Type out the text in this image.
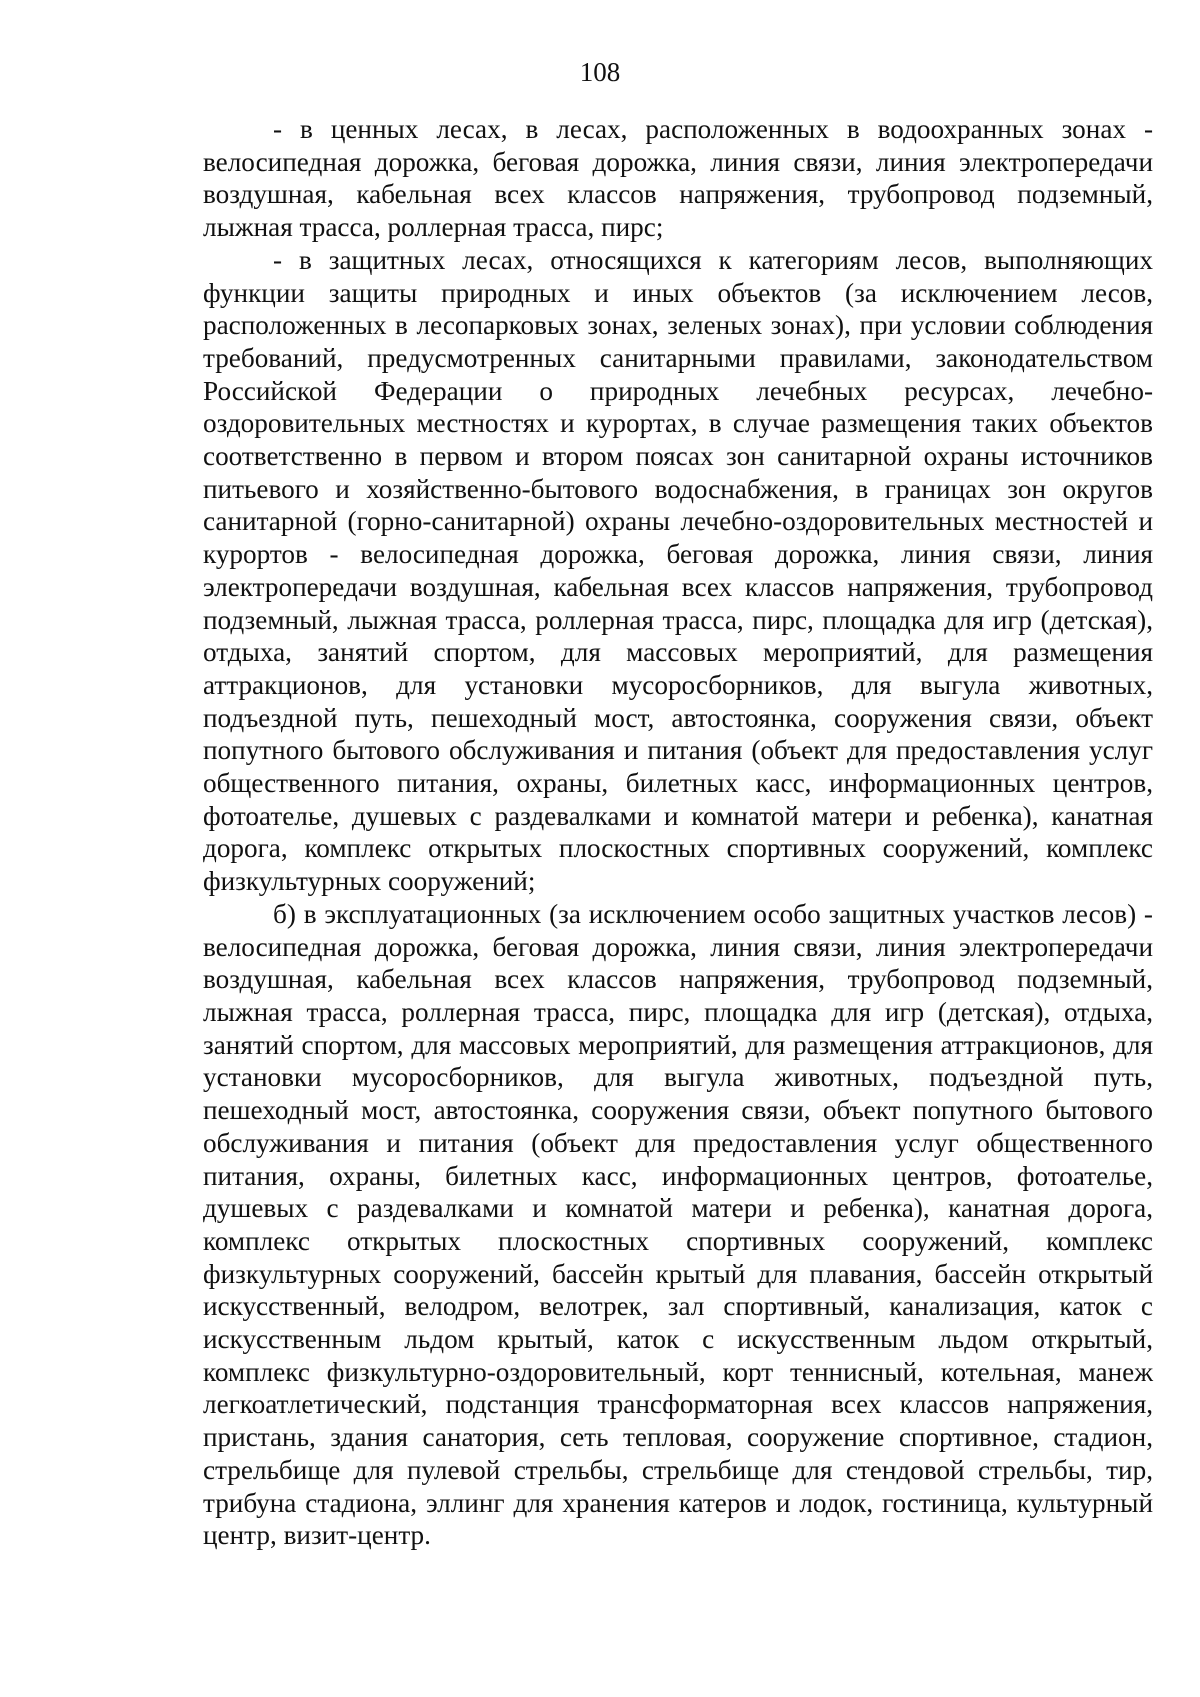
108

- в ценных лесах, в лесах, расположенных в водоохранных зонах - велосипедная дорожка, беговая дорожка, линия связи, линия электропередачи воздушная, кабельная всех классов напряжения, трубопровод подземный, лыжная трасса, роллерная трасса, пирс;

- в защитных лесах, относящихся к категориям лесов, выполняющих функции защиты природных и иных объектов (за исключением лесов, расположенных в лесопарковых зонах, зеленых зонах), при условии соблюдения требований, предусмотренных санитарными правилами, законодательством Российской Федерации о природных лечебных ресурсах, лечебно-оздоровительных местностях и курортах, в случае размещения таких объектов соответственно в первом и втором поясах зон санитарной охраны источников питьевого и хозяйственно-бытового водоснабжения, в границах зон округов санитарной (горно-санитарной) охраны лечебно-оздоровительных местностей и курортов - велосипедная дорожка, беговая дорожка, линия связи, линия электропередачи воздушная, кабельная всех классов напряжения, трубопровод подземный, лыжная трасса, роллерная трасса, пирс, площадка для игр (детская), отдыха, занятий спортом, для массовых мероприятий, для размещения аттракционов, для установки мусоросборников, для выгула животных, подъездной путь, пешеходный мост, автостоянка, сооружения связи, объект попутного бытового обслуживания и питания (объект для предоставления услуг общественного питания, охраны, билетных касс, информационных центров, фотоателье, душевых с раздевалками и комнатой матери и ребенка), канатная дорога, комплекс открытых плоскостных спортивных сооружений, комплекс физкультурных сооружений;

б) в эксплуатационных (за исключением особо защитных участков лесов) - велосипедная дорожка, беговая дорожка, линия связи, линия электропередачи воздушная, кабельная всех классов напряжения, трубопровод подземный, лыжная трасса, роллерная трасса, пирс, площадка для игр (детская), отдыха, занятий спортом, для массовых мероприятий, для размещения аттракционов, для установки мусоросборников, для выгула животных, подъездной путь, пешеходный мост, автостоянка, сооружения связи, объект попутного бытового обслуживания и питания (объект для предоставления услуг общественного питания, охраны, билетных касс, информационных центров, фотоателье, душевых с раздевалками и комнатой матери и ребенка), канатная дорога, комплекс открытых плоскостных спортивных сооружений, комплекс физкультурных сооружений, бассейн крытый для плавания, бассейн открытый искусственный, велодром, велотрек, зал спортивный, канализация, каток с искусственным льдом крытый, каток с искусственным льдом открытый, комплекс физкультурно-оздоровительный, корт теннисный, котельная, манеж легкоатлетический, подстанция трансформаторная всех классов напряжения, пристань, здания санатория, сеть тепловая, сооружение спортивное, стадион, стрельбище для пулевой стрельбы, стрельбище для стендовой стрельбы, тир, трибуна стадиона, эллинг для хранения катеров и лодок, гостиница, культурный центр, визит-центр.
